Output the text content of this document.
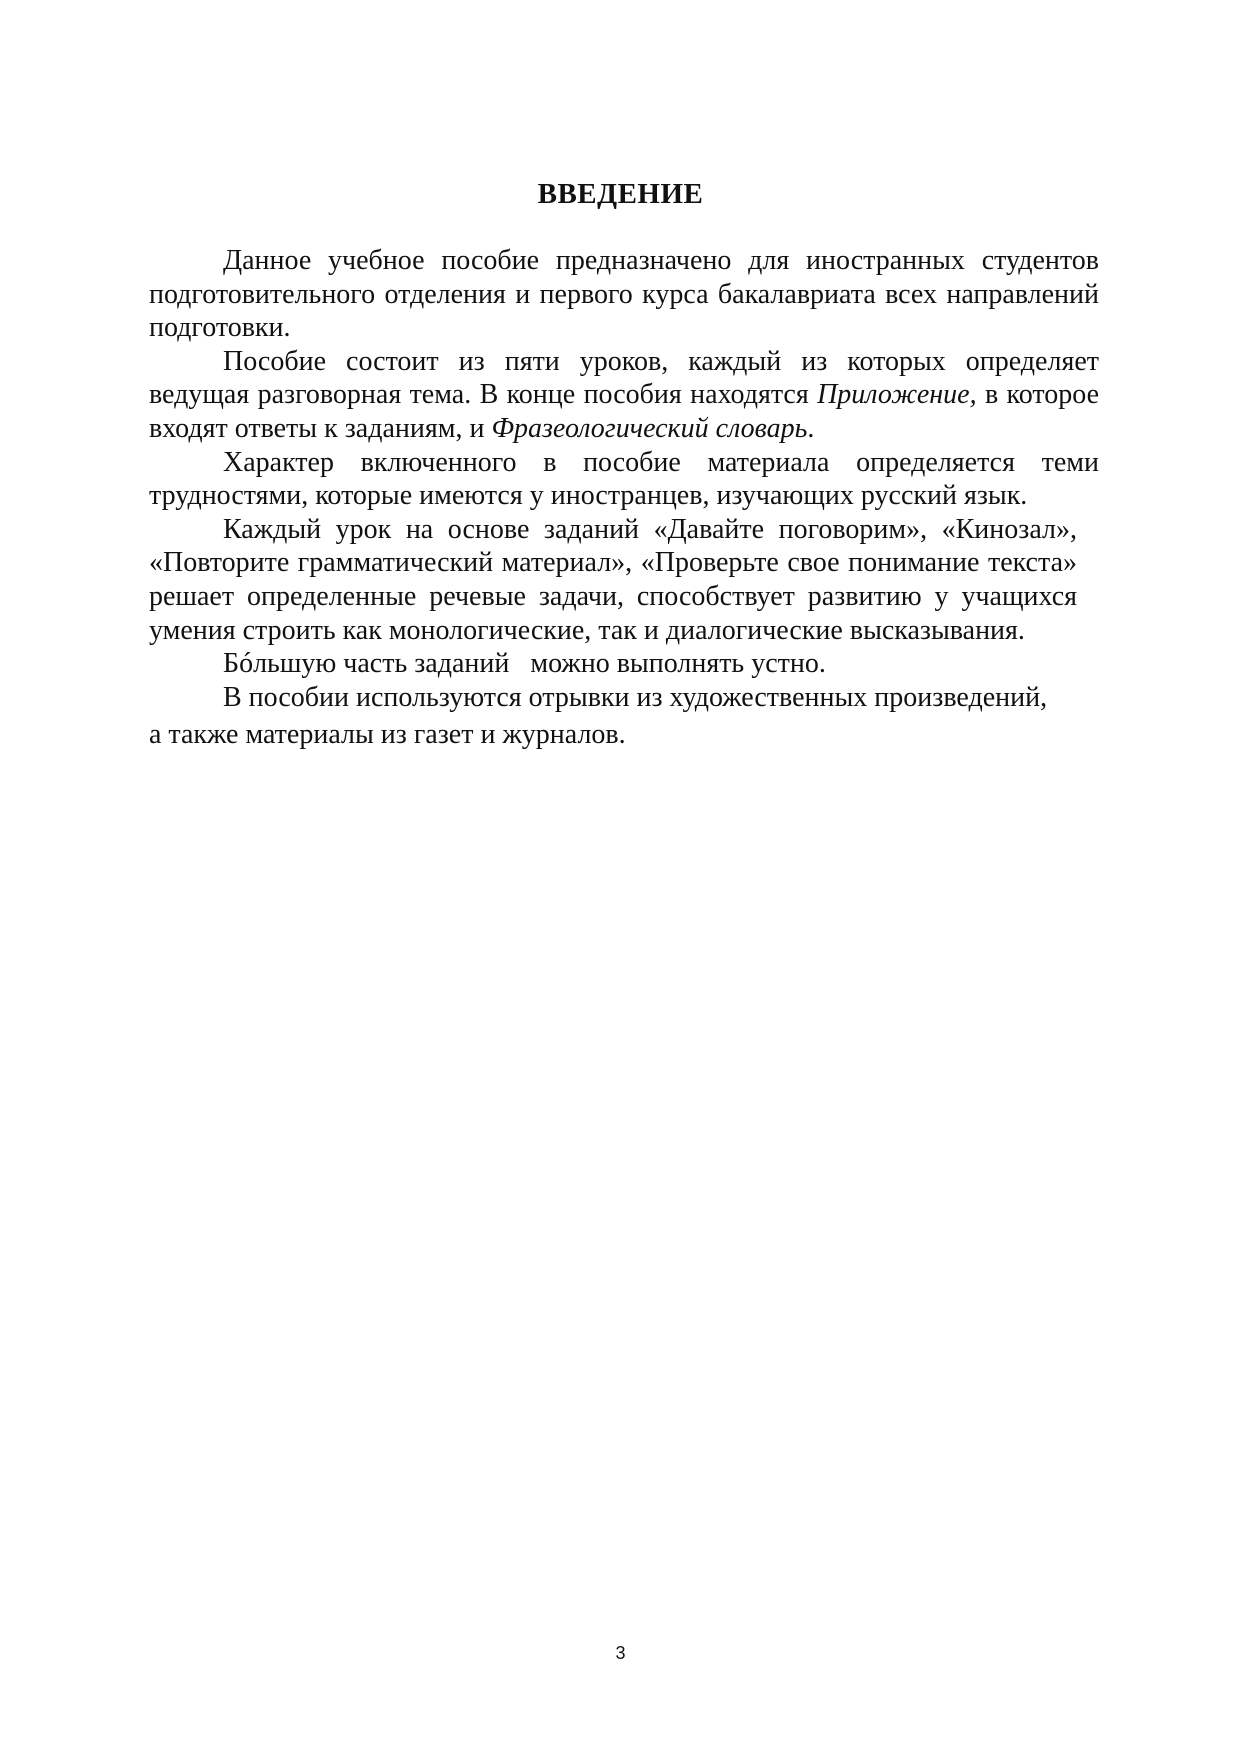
ВВЕДЕНИЕ

Данное учебное пособие предназначено для иностранных студентов подготовительного отделения и первого курса бакалавриата всех направлений подготовки.

Пособие состоит из пяти уроков, каждый из которых определяет ведущая разговорная тема. В конце пособия находятся Приложение, в которое входят ответы к заданиям, и Фразеологический словарь.

Характер включенного в пособие материала определяется теми трудностями, которые имеются у иностранцев, изучающих русский язык.

Каждый урок на основе заданий «Давайте поговорим», «Кинозал», «Повторите грамматический материал», «Проверьте свое понимание текста» решает определенные речевые задачи, способствует развитию у учащихся умения строить как монологические, так и диалогические высказывания.

Бóльшую часть заданий   можно выполнять устно.

В пособии используются отрывки из художественных произведений,
а также материалы из газет и журналов.

3
